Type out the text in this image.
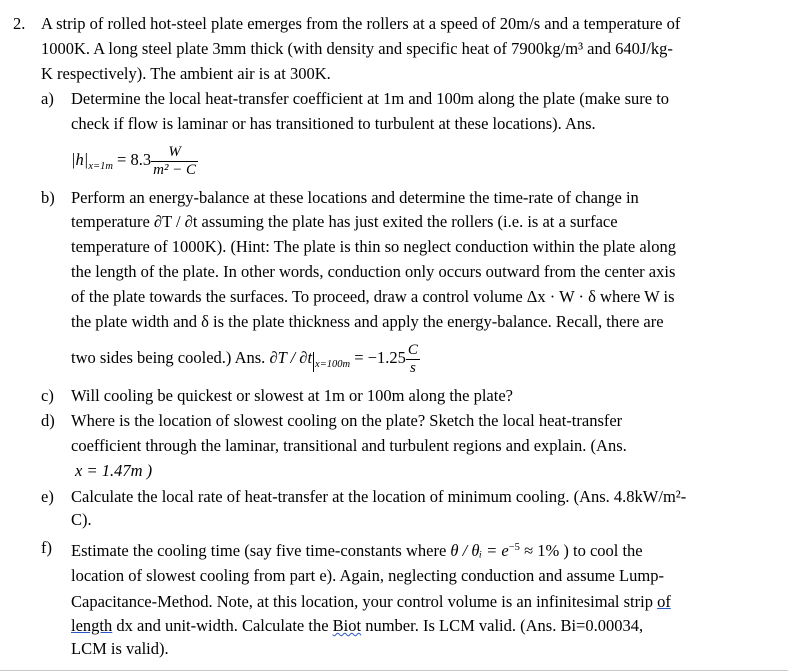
2. A strip of rolled hot-steel plate emerges from the rollers at a speed of 20m/s and a temperature of
1000K. A long steel plate 3mm thick (with density and specific heat of 7900kg/m³ and 640J/kg-
K respectively). The ambient air is at 300K.
a) Determine the local heat-transfer coefficient at 1m and 100m along the plate (make sure to
check if flow is laminar or has transitioned to turbulent at these locations). Ans.
$|h|_{x=1m} = 8.3 \frac{W}{\text{m² − C}}$
b) Perform an energy-balance at these locations and determine the time-rate of change in
temperature ∂T / ∂t assuming the plate has just exited the rollers (i.e. is at a surface
temperature of 1000K). (Hint: The plate is thin so neglect conduction within the plate along
the length of the plate. In other words, conduction only occurs outward from the center axis
of the plate towards the surfaces. To proceed, draw a control volume Δx · W · δ where W is
the plate width and δ is the plate thickness and apply the energy-balance. Recall, there are
two sides being cooled.) Ans. ∂T / ∂t $_{x=100m} = -1.25 \frac{C}{s}$
c) Will cooling be quickest or slowest at 1m or 100m along the plate?
d) Where is the location of slowest cooling on the plate? Sketch the local heat-transfer
coefficient through the laminar, transitional and turbulent regions and explain. (Ans.
x = 1.47m )
e) Calculate the local rate of heat-transfer at the location of minimum cooling. (Ans. 4.8kW/m²-
C).
f) Estimate the cooling time (say five time-constants where θ / θᵢ = $e^{-5} \approx 1\%$ ) to cool the
location of slowest cooling from part e). Again, neglecting conduction and assume Lump-
Capacitance-Method. Note, at this location, your control volume is an infinitesimal strip of
length dx and unit-width. Calculate the Biot number. Is LCM valid. (Ans. Bi=0.00034,
LCM is valid).
